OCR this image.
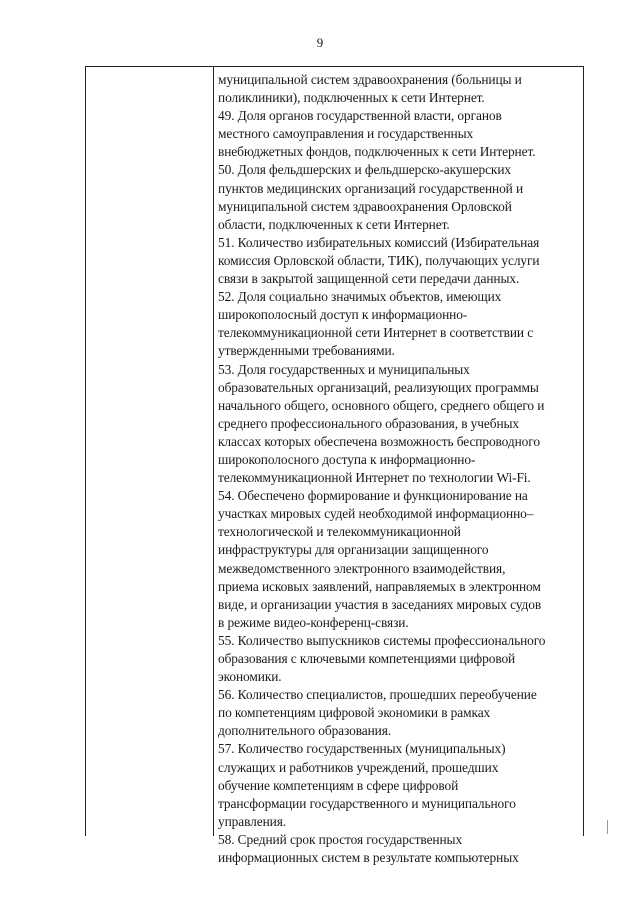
9
муниципальной систем здравоохранения (больницы и
поликлиники), подключенных к сети Интернет.
49. Доля органов государственной власти, органов
местного самоуправления и государственных
внебюджетных фондов, подключенных к сети Интернет.
50. Доля фельдшерских и фельдшерско-акушерских
пунктов медицинских организаций государственной и
муниципальной систем здравоохранения Орловской
области, подключенных к сети Интернет.
51. Количество избирательных комиссий (Избирательная
комиссия Орловской области, ТИК), получающих услуги
связи в закрытой защищенной сети передачи данных.
52. Доля социально значимых объектов, имеющих
широкополосный доступ к информационно-
телекоммуникационной сети Интернет в соответствии с
утвержденными требованиями.
53. Доля государственных и муниципальных
образовательных организаций, реализующих программы
начального общего, основного общего, среднего общего и
среднего профессионального образования, в учебных
классах которых обеспечена возможность беспроводного
широкополосного доступа к информационно-
телекоммуникационной Интернет по технологии Wi-Fi.
54. Обеспечено формирование и функционирование на
участках мировых судей необходимой информационно–
технологической и телекоммуникационной
инфраструктуры для организации защищенного
межведомственного электронного взаимодействия,
приема исковых заявлений, направляемых в электронном
виде, и организации участия в заседаниях мировых судов
в режиме видео-конференц-связи.
55. Количество выпускников системы профессионального
образования с ключевыми компетенциями цифровой
экономики.
56. Количество специалистов, прошедших переобучение
по компетенциям цифровой экономики в рамках
дополнительного образования.
57. Количество государственных (муниципальных)
служащих и работников учреждений, прошедших
обучение компетенциям в сфере цифровой
трансформации государственного и муниципального
управления.
58. Средний срок простоя государственных
информационных систем в результате компьютерных
